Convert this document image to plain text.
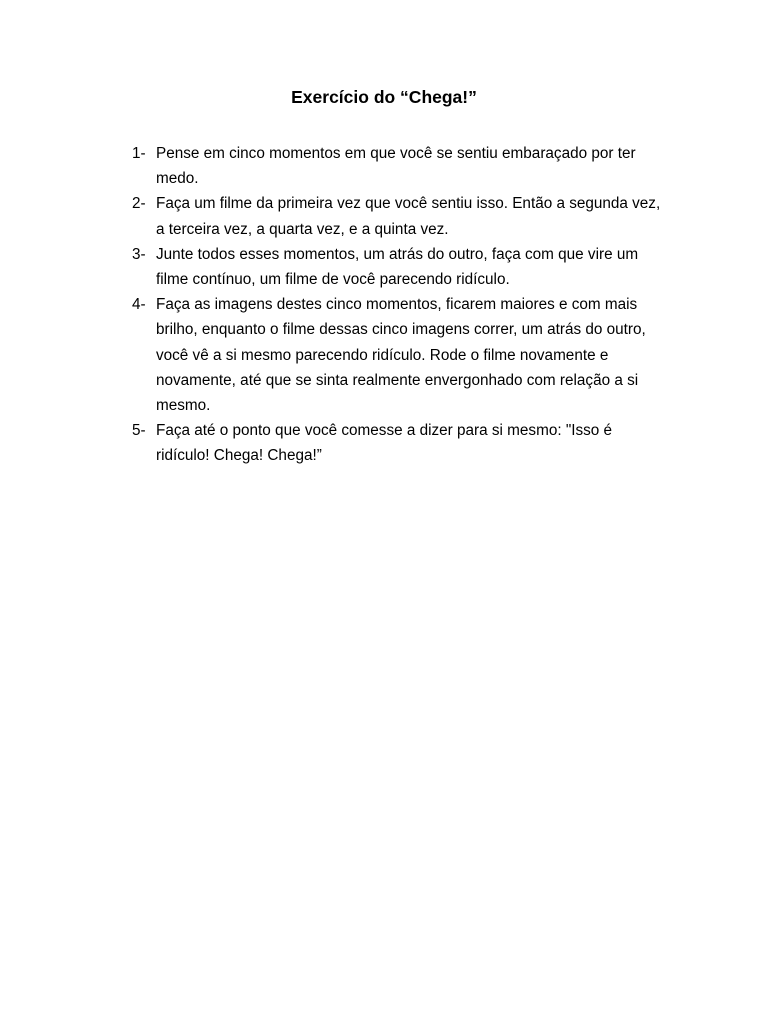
Exercício do “Chega!”
1- Pense em cinco momentos em que você se sentiu embaraçado por ter medo.
2- Faça um filme da primeira vez que você sentiu isso. Então a segunda vez, a terceira vez, a quarta vez, e a quinta vez.
3- Junte todos esses momentos, um atrás do outro, faça com que vire um filme contínuo, um filme de você parecendo ridículo.
4- Faça as imagens destes cinco momentos, ficarem maiores e com mais brilho, enquanto o filme dessas cinco imagens correr, um atrás do outro, você vê a si mesmo parecendo ridículo. Rode o filme novamente e novamente, até que se sinta realmente envergonhado com relação a si mesmo.
5- Faça até o ponto que você comesse a dizer para si mesmo: "Isso é ridículo! Chega! Chega!”
